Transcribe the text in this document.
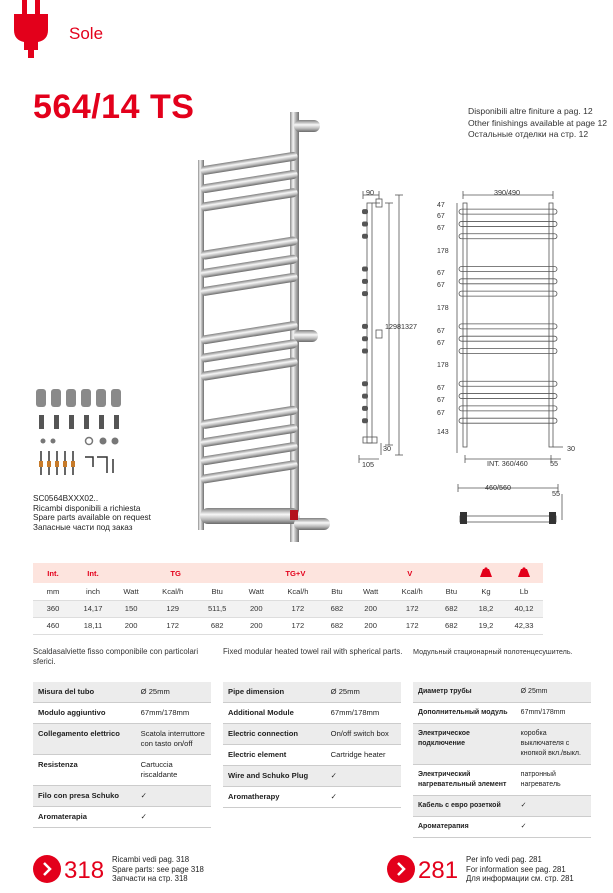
Sole
564/14 TS	Disponibili altre finiture a pag. 12
Other finishings available at page 12
Остальные отделки на стр. 12
SC0564BXXX02..
Ricambi disponibili a richiesta
Spare parts available on request
Запасные части под заказ
90
1298 1327
30
105
390/490
47
67
67
178
67
67
178
67
67
178
67
67
67
143
INT. 360/460	55
30
460/560
55
Int.	Int.	TG			TG+V			V		
mm	inch	Watt	Kcal/h	Btu	Watt	Kcal/h	Btu	Watt	Kcal/h	Btu	Kg	Lb
360	14,17	150	129	511,5	200	172	682	200	172	682	18,2	40,12
460	18,11	200	172	682	200	172	682	200	172	682	19,2	42,33
Scaldasalviette fisso componibile con particolari sferici.
Fixed modular heated towel rail with spherical parts. Модульный стационарный полотенцесушитель.
Misura del tubo	Ø 25mm
Modulo aggiuntivo	67mm/178mm
Collegamento elettrico	Scatola interruttore con tasto on/off
Resistenza	Cartuccia riscaldante
Filo con presa Schuko	✓
Aromaterapia	✓
Pipe dimension	Ø 25mm
Additional Module	67mm/178mm
Electric connection	On/off switch box
Electric element	Cartridge heater
Wire and Schuko Plug	✓
Aromatherapy	✓
Диаметр трубы	Ø 25mm
Дополнительный модуль	67mm/178mm
Электрическое подключение	коробка выключателя с кнопкой вкл./выкл.
Электрический нагревательный элемент	патронный нагреватель
Кабель с евро розеткой	✓
Аромaтерапия	✓
318 Ricambi vedi pag. 318
Spare parts: see page 318
Запчасти на стр. 318	281 Per info vedi pag. 281
For information see pag. 281
Для информации см. стр. 281
